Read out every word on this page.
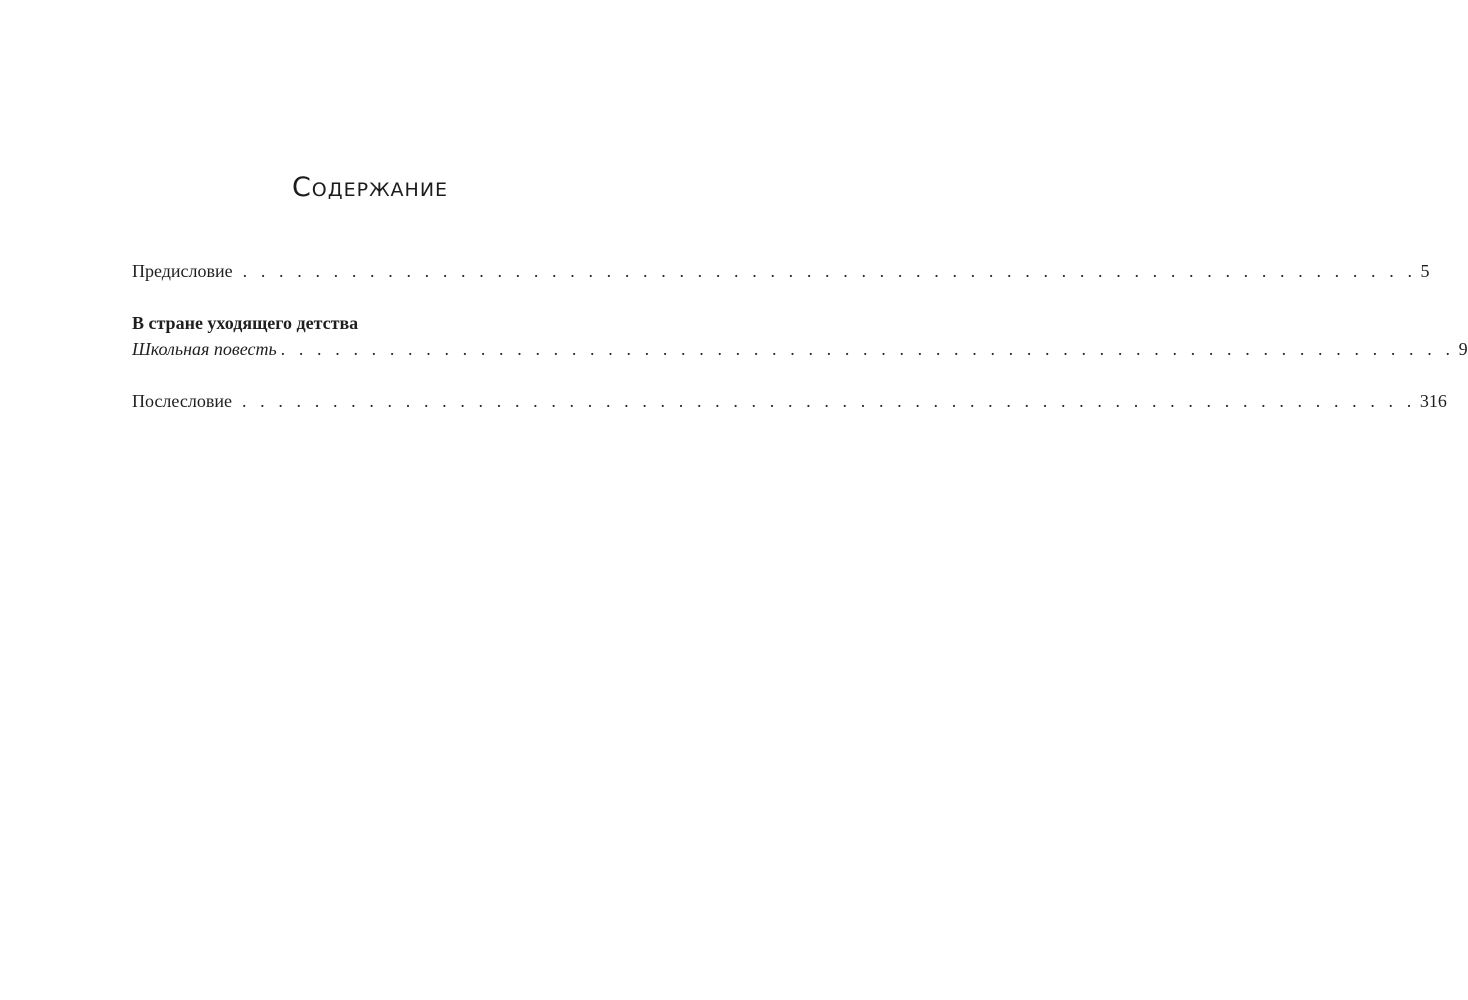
Содержание
Предисловие . . . . . . . . . . . . . . . . . . . . . . . . . . . . . . . . . . . . . . . . . . . . . . . . . . . . . . . . . . . . . . . . . 5
В стране уходящего детства
Школьная повесть . . . . . . . . . . . . . . . . . . . . . . . . . . . . . . . . . . . . . . . . . . . . . . . . . . . . . . . . . . . . . . . . . 9
Послесловие . . . . . . . . . . . . . . . . . . . . . . . . . . . . . . . . . . . . . . . . . . . . . . . . . . . . . . . . . . . . . . . . . 316
